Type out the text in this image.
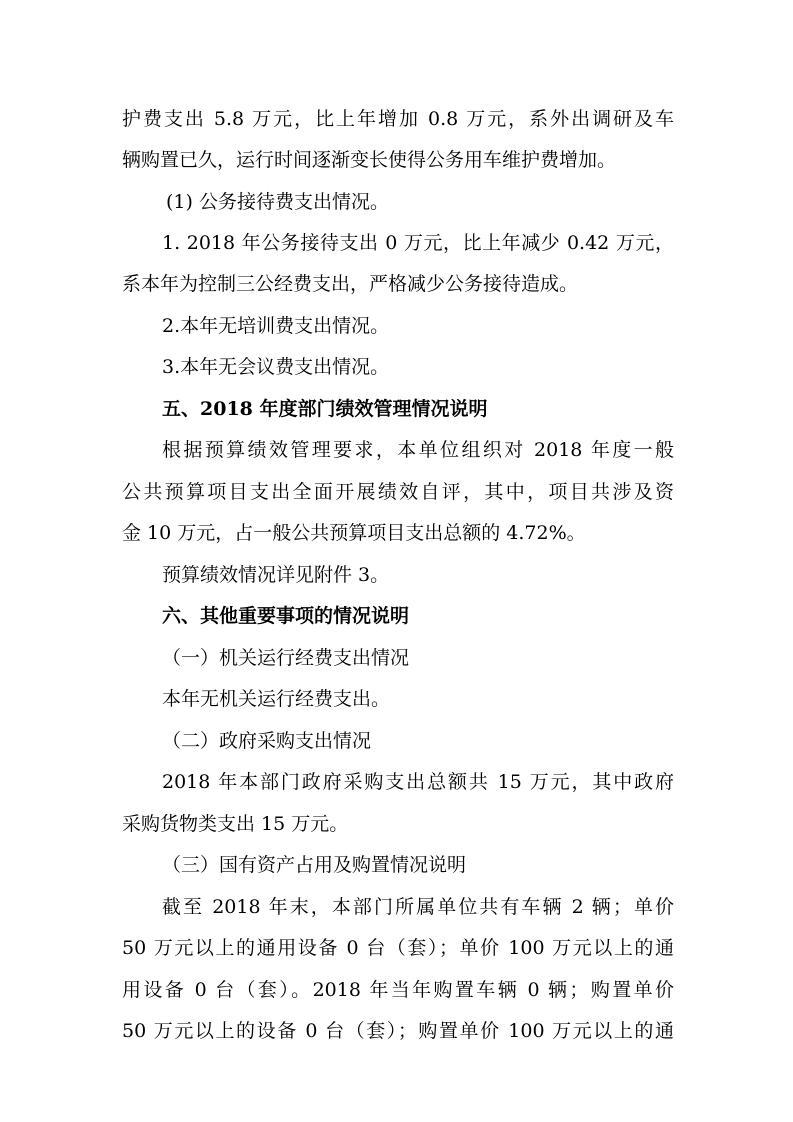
护费支出 5.8 万元，比上年增加 0.8 万元，系外出调研及车
辆购置已久，运行时间逐渐变长使得公务用车维护费增加。
(1) 公务接待费支出情况。
1. 2018 年公务接待支出 0 万元，比上年减少 0.42 万元，
系本年为控制三公经费支出，严格减少公务接待造成。
2.本年无培训费支出情况。
3.本年无会议费支出情况。
五、2018 年度部门绩效管理情况说明
根据预算绩效管理要求，本单位组织对 2018 年度一般
公共预算项目支出全面开展绩效自评，其中，项目共涉及资
金 10 万元，占一般公共预算项目支出总额的 4.72%。
预算绩效情况详见附件 3。
六、其他重要事项的情况说明
（一）机关运行经费支出情况
本年无机关运行经费支出。
（二）政府采购支出情况
2018 年本部门政府采购支出总额共 15 万元，其中政府
采购货物类支出 15 万元。
（三）国有资产占用及购置情况说明
截至 2018 年末，本部门所属单位共有车辆 2 辆；单价
50 万元以上的通用设备 0 台（套）；单价 100 万元以上的通
用设备 0 台（套）。2018 年当年购置车辆 0 辆；购置单价
50 万元以上的设备 0 台（套）；购置单价 100 万元以上的通
